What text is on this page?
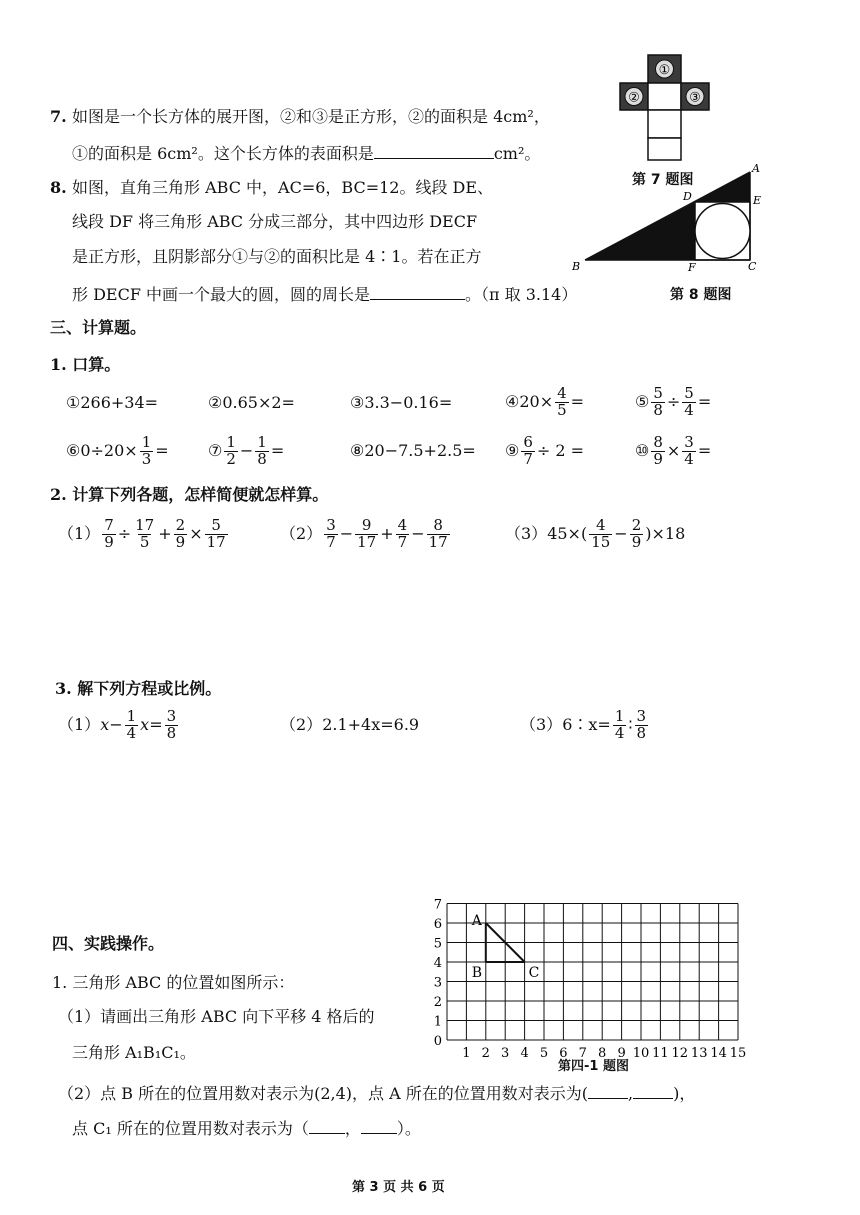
7. 如图是一个长方体的展开图，②和③是正方形，②的面积是 4cm²，
①的面积是 6cm²。这个长方体的表面积是	cm²。
①
②	③
第 7 题图
8. 如图，直角三角形 ABC 中，AC=6，BC=12。线段 DE、
线段 DF 将三角形 ABC 分成三部分，其中四边形 DECF
是正方形，且阴影部分①与②的面积比是 4∶1。若在正方
形 DECF 中画一个最大的圆，圆的周长是	。（π 取 3.14）
A
B	C
D	E
F
第 8 题图
三、计算题。
1. 口算。
①266+34=	②0.65×2=	③3.3−0.16=	④20× $\frac{4}{5}$ =	⑤ $\frac{5}{8} \div \frac{5}{4}$ =
⑥0÷20× $\frac{1}{3}$ = ⑦ $\frac{1}{2} - \frac{1}{8}$ =	⑧20−7.5+2.5= ⑨ $\frac{6}{7} \div 2$ =	⑩ $\frac{8}{9} \times \frac{3}{4}$ =
2. 计算下列各题，怎样简便就怎样算。
$(1) \frac{7}{9} \div \frac{17}{5} + \frac{2}{9} \times \frac{5}{17}$	$(2) \frac{3}{7} - \frac{9}{17} + \frac{4}{7} - \frac{8}{17}$	$(3)45\times( \frac{4}{15} - \frac{2}{9} )\times 18$
3. 解下列方程或比例。
$(1)x- \frac{1}{4} x= \frac{3}{8}$	（2）2.1+4x=6.9	（3）6∶x= $\frac{1}{4}$ ∶ $\frac{3}{8}$
四、实践操作。
1. 三角形 ABC 的位置如图所示：
（1）请画出三角形 ABC 向下平移 4 格后的
三角形 A₁B₁C₁。
（2）点 B 所在的位置用数对表示为(2,4)，点 A 所在的位置用数对表示为(	,	)，
点 C₁ 所在的位置用数对表示为（ ， ）。
1 2 3 4 5 6 7 8 9 10 11 12 13 14 15
0
1
2
3
4
5
6
7
A
B	C
第四-1 题图
第 3 页 共 6 页
